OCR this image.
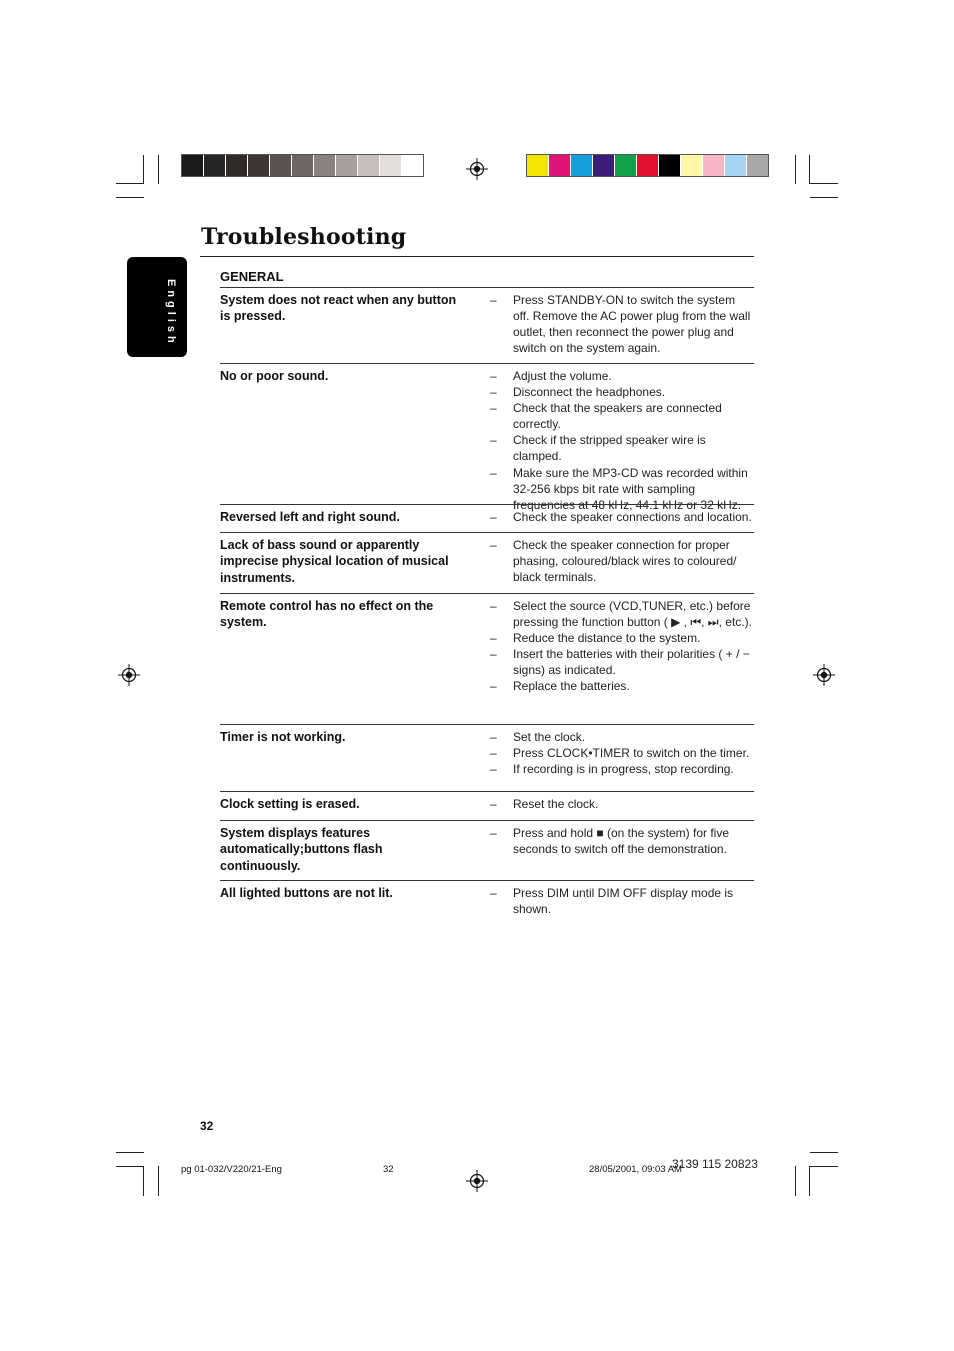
Troubleshooting
English
GENERAL
System does not react when any button is pressed.
– Press STANDBY-ON to switch the system off. Remove the AC power plug from the wall outlet, then reconnect the power plug and switch on the system again.
No or poor sound.	– Adjust the volume.
– Disconnect the headphones.
– Check that the speakers are connected correctly.
– Check if the stripped speaker wire is clamped.
– Make sure the MP3-CD was recorded within 32-256 kbps bit rate with sampling frequencies at 48 kHz, 44.1 kHz or 32 kHz.
Reversed left and right sound.	– Check the speaker connections and location.
Lack of bass sound or apparently imprecise physical location of musical instruments.
– Check the speaker connection for proper phasing, coloured/black wires to coloured/ black terminals.
Remote control has no effect on the system.
– Select the source (VCD,TUNER, etc.) before pressing the function button ( ▶ , ⏮, ⏭, etc.).
– Reduce the distance to the system.
– Insert the batteries with their polarities ( + / − signs) as indicated.
– Replace the batteries.
Timer is not working.	– Set the clock.
– Press CLOCK•TIMER to switch on the timer.
– If recording is in progress, stop recording.
Clock setting is erased.	– Reset the clock.
System displays features automatically;buttons flash continuously.
– Press and hold ■ (on the system) for five seconds to switch off the demonstration.
All lighted buttons are not lit.	– Press DIM until DIM OFF display mode is shown.
32
3139 115 20823
pg 01-032/V220/21-Eng	32	28/05/2001, 09:03 AM
